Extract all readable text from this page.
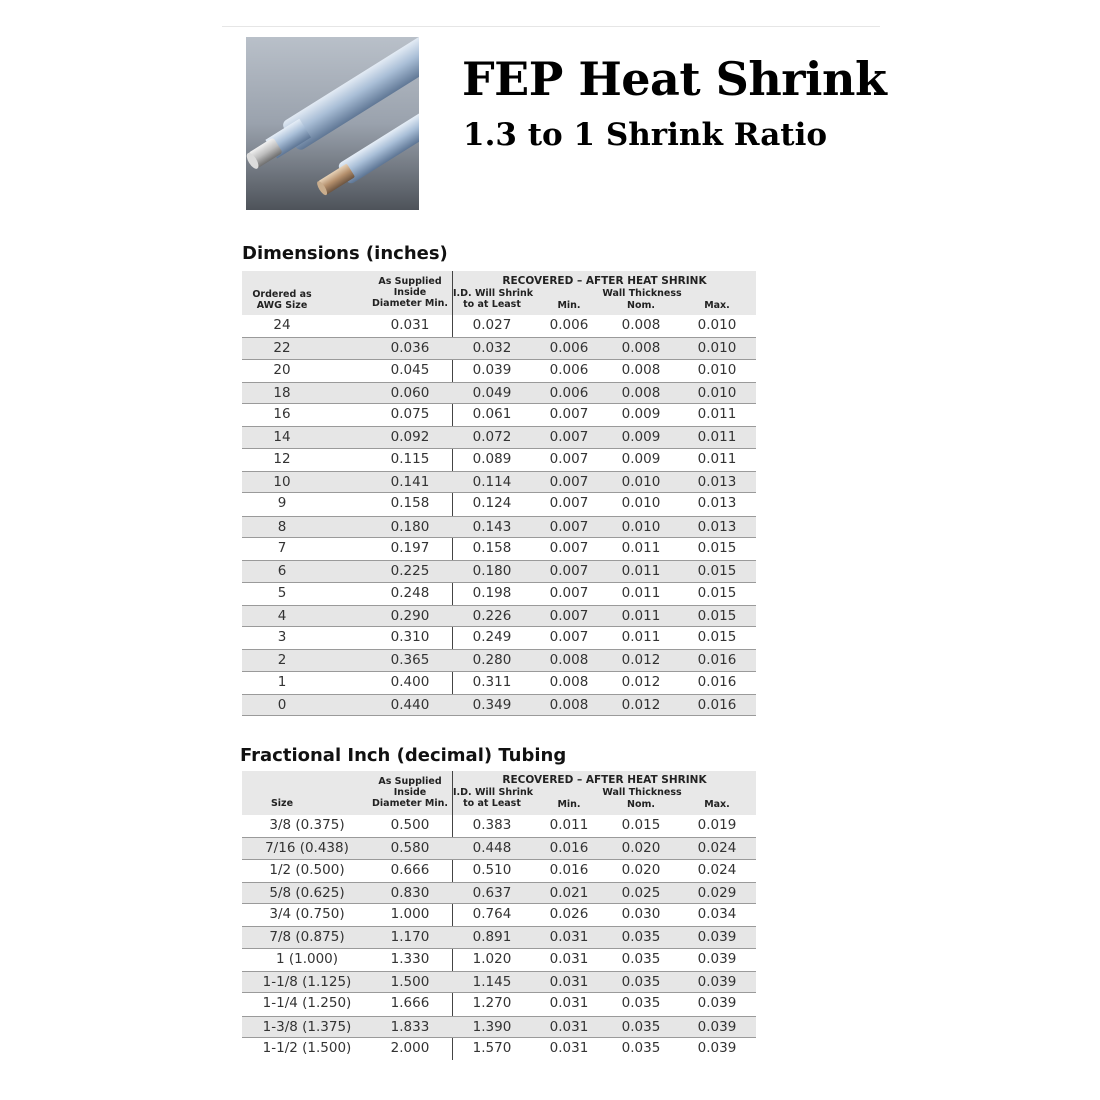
FEP Heat Shrink
1.3 to 1 Shrink Ratio
Dimensions (inches)
Ordered as
AWG Size
As Supplied
Inside
Diameter Min.
RECOVERED – AFTER HEAT SHRINK
I.D. Will Shrink
to at Least
Wall Thickness
Min.	Nom.	Max.
24	0.031	0.027	0.006	0.008	0.010
22	0.036	0.032	0.006	0.008	0.010
20	0.045	0.039	0.006	0.008	0.010
18	0.060	0.049	0.006	0.008	0.010
16	0.075	0.061	0.007	0.009	0.011
14	0.092	0.072	0.007	0.009	0.011
12	0.115	0.089	0.007	0.009	0.011
10	0.141	0.114	0.007	0.010	0.013
9	0.158	0.124	0.007	0.010	0.013
8	0.180	0.143	0.007	0.010	0.013
7	0.197	0.158	0.007	0.011	0.015
6	0.225	0.180	0.007	0.011	0.015
5	0.248	0.198	0.007	0.011	0.015
4	0.290	0.226	0.007	0.011	0.015
3	0.310	0.249	0.007	0.011	0.015
2	0.365	0.280	0.008	0.012	0.016
1	0.400	0.311	0.008	0.012	0.016
0	0.440	0.349	0.008	0.012	0.016
Fractional Inch (decimal) Tubing
Size
As Supplied
Inside
Diameter Min.
RECOVERED – AFTER HEAT SHRINK
I.D. Will Shrink
to at Least
Wall Thickness
Min.	Nom.	Max.
3/8 (0.375)	0.500	0.383	0.011	0.015	0.019
7/16 (0.438)	0.580	0.448	0.016	0.020	0.024
1/2 (0.500)	0.666	0.510	0.016	0.020	0.024
5/8 (0.625)	0.830	0.637	0.021	0.025	0.029
3/4 (0.750)	1.000	0.764	0.026	0.030	0.034
7/8 (0.875)	1.170	0.891	0.031	0.035	0.039
1 (1.000)	1.330	1.020	0.031	0.035	0.039
1-1/8 (1.125)	1.500	1.145	0.031	0.035	0.039
1-1/4 (1.250)	1.666	1.270	0.031	0.035	0.039
1-3/8 (1.375)	1.833	1.390	0.031	0.035	0.039
1-1/2 (1.500)	2.000	1.570	0.031	0.035	0.039
